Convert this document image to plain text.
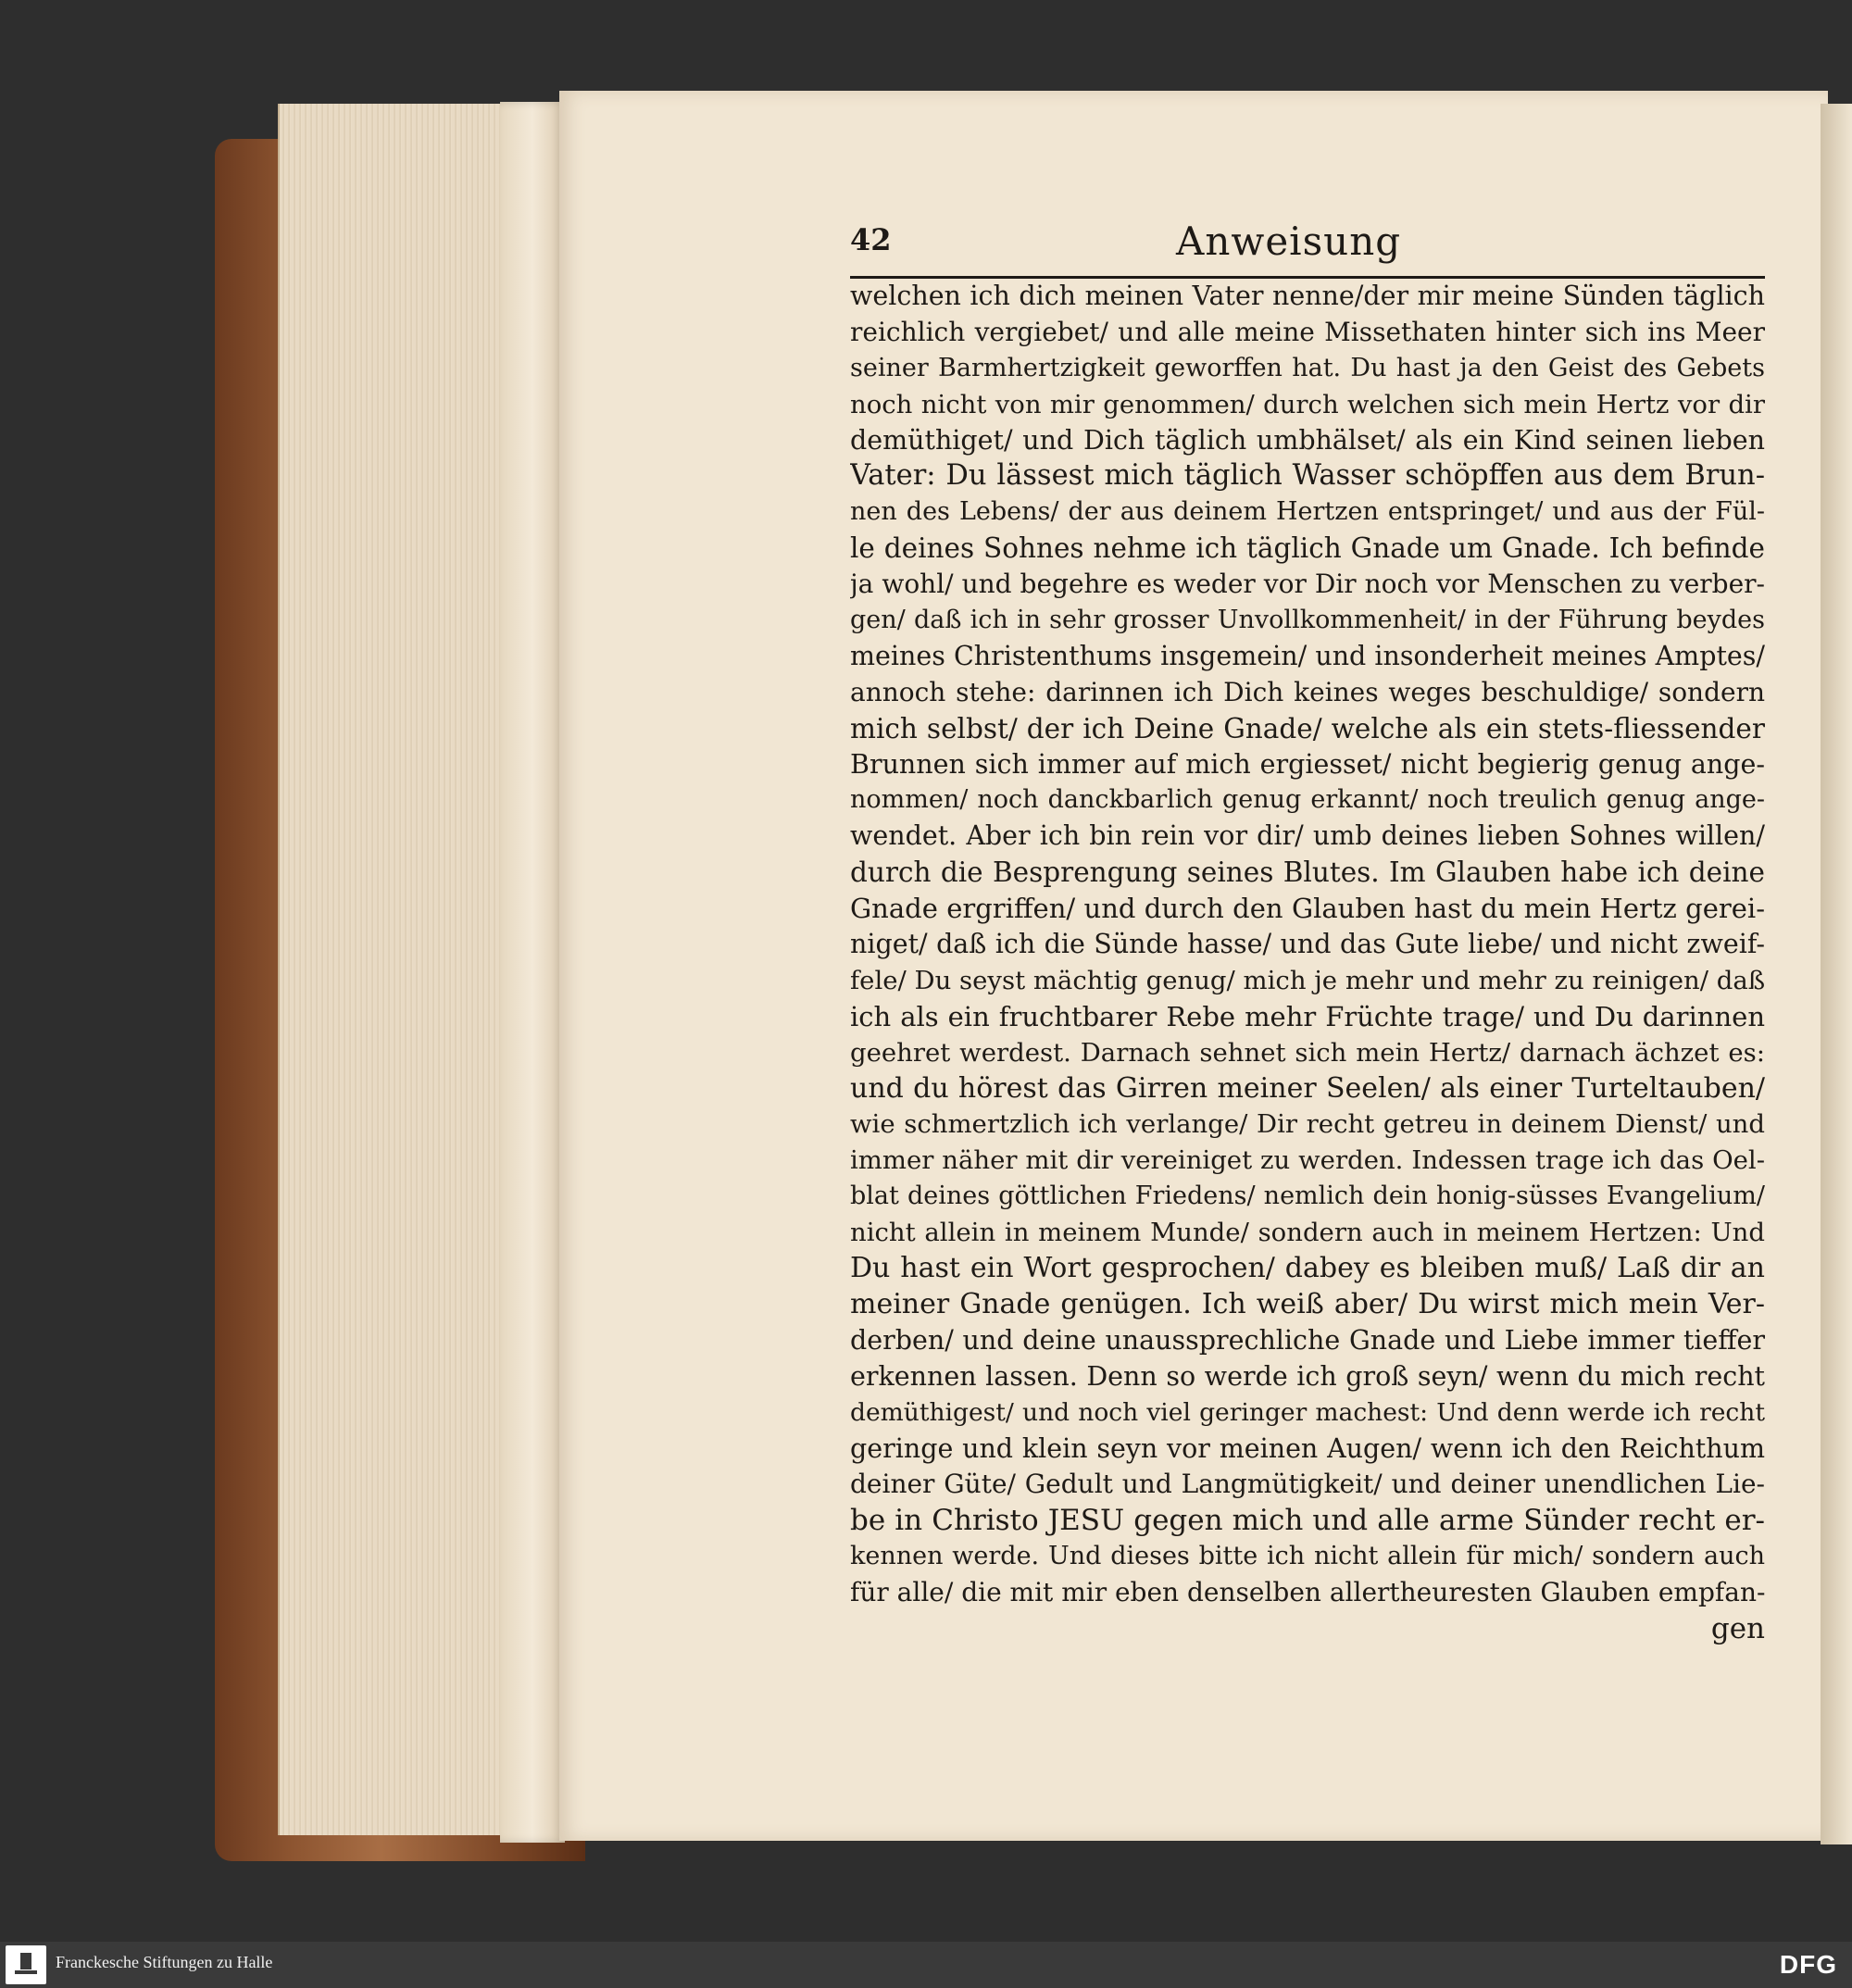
42	Anweisung
welchen ich dich meinen Vater nenne/der mir meine Sünden täglich
reichlich vergiebet/ und alle meine Missethaten hinter sich ins Meer
seiner Barmhertzigkeit geworffen hat. Du hast ja den Geist des Gebets
noch nicht von mir genommen/ durch welchen sich mein Hertz vor dir
demüthiget/ und Dich täglich umbhälset/ als ein Kind seinen lieben
Vater: Du lässest mich täglich Wasser schöpffen aus dem Brun-
nen des Lebens/ der aus deinem Hertzen entspringet/ und aus der Fül-
le deines Sohnes nehme ich täglich Gnade um Gnade. Ich befinde
ja wohl/ und begehre es weder vor Dir noch vor Menschen zu verber-
gen/ daß ich in sehr grosser Unvollkommenheit/ in der Führung beydes
meines Christenthums insgemein/ und insonderheit meines Amptes/
annoch stehe: darinnen ich Dich keines weges beschuldige/ sondern
mich selbst/ der ich Deine Gnade/ welche als ein stets-fliessender
Brunnen sich immer auf mich ergiesset/ nicht begierig genug ange-
nommen/ noch danckbarlich genug erkannt/ noch treulich genug ange-
wendet. Aber ich bin rein vor dir/ umb deines lieben Sohnes willen/
durch die Besprengung seines Blutes. Im Glauben habe ich deine
Gnade ergriffen/ und durch den Glauben hast du mein Hertz gerei-
niget/ daß ich die Sünde hasse/ und das Gute liebe/ und nicht zweif-
fele/ Du seyst mächtig genug/ mich je mehr und mehr zu reinigen/ daß
ich als ein fruchtbarer Rebe mehr Früchte trage/ und Du darinnen
geehret werdest. Darnach sehnet sich mein Hertz/ darnach ächzet es:
und du hörest das Girren meiner Seelen/ als einer Turteltauben/
wie schmertzlich ich verlange/ Dir recht getreu in deinem Dienst/ und
immer näher mit dir vereiniget zu werden. Indessen trage ich das Oel-
blat deines göttlichen Friedens/ nemlich dein honig-süsses Evangelium/
nicht allein in meinem Munde/ sondern auch in meinem Hertzen: Und
Du hast ein Wort gesprochen/ dabey es bleiben muß/ Laß dir an
meiner Gnade genügen. Ich weiß aber/ Du wirst mich mein Ver-
derben/ und deine unaussprechliche Gnade und Liebe immer tieffer
erkennen lassen. Denn so werde ich groß seyn/ wenn du mich recht
demüthigest/ und noch viel geringer machest: Und denn werde ich recht
geringe und klein seyn vor meinen Augen/ wenn ich den Reichthum
deiner Güte/ Gedult und Langmütigkeit/ und deiner unendlichen Lie-
be in Christo JESU gegen mich und alle arme Sünder recht er-
kennen werde. Und dieses bitte ich nicht allein für mich/ sondern auch
für alle/ die mit mir eben denselben allertheuresten Glauben empfan-
gen
Franckesche Stiftungen zu Halle	DFG
